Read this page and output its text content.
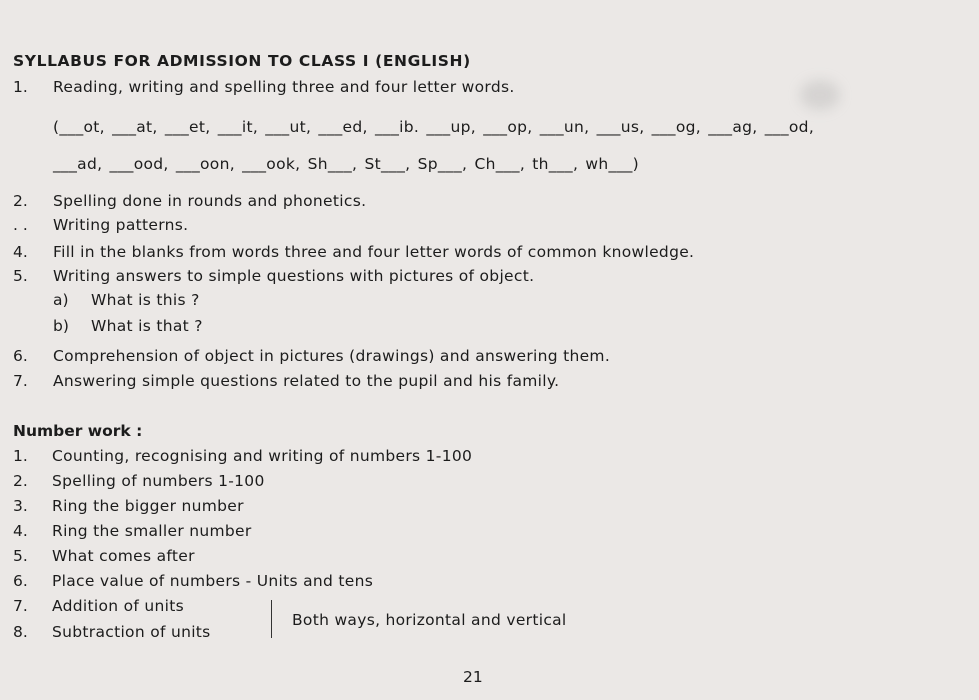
SYLLABUS FOR ADMISSION TO CLASS I (ENGLISH)
1. Reading, writing and spelling three and four letter words.
(___ot, ___at, ___et, ___it, ___ut, ___ed, ___ib. ___up, ___op, ___un, ___us, ___og, ___ag, ___od,
___ad, ___ood, ___oon, ___ook, Sh___, St___, Sp___, Ch___, th___, wh___)
2. Spelling done in rounds and phonetics.
. . Writing patterns.
4. Fill in the blanks from words three and four letter words of common knowledge.
5. Writing answers to simple questions with pictures of object.
a) What is this ?
b) What is that ?
6. Comprehension of object in pictures (drawings) and answering them.
7. Answering simple questions related to the pupil and his family.
Number work :
1. Counting, recognising and writing of numbers 1-100
2. Spelling of numbers 1-100
3. Ring the bigger number
4. Ring the smaller number
5. What comes after
6. Place value of numbers - Units and tens
7. Addition of units
8. Subtraction of units
Both ways, horizontal and vertical
21
